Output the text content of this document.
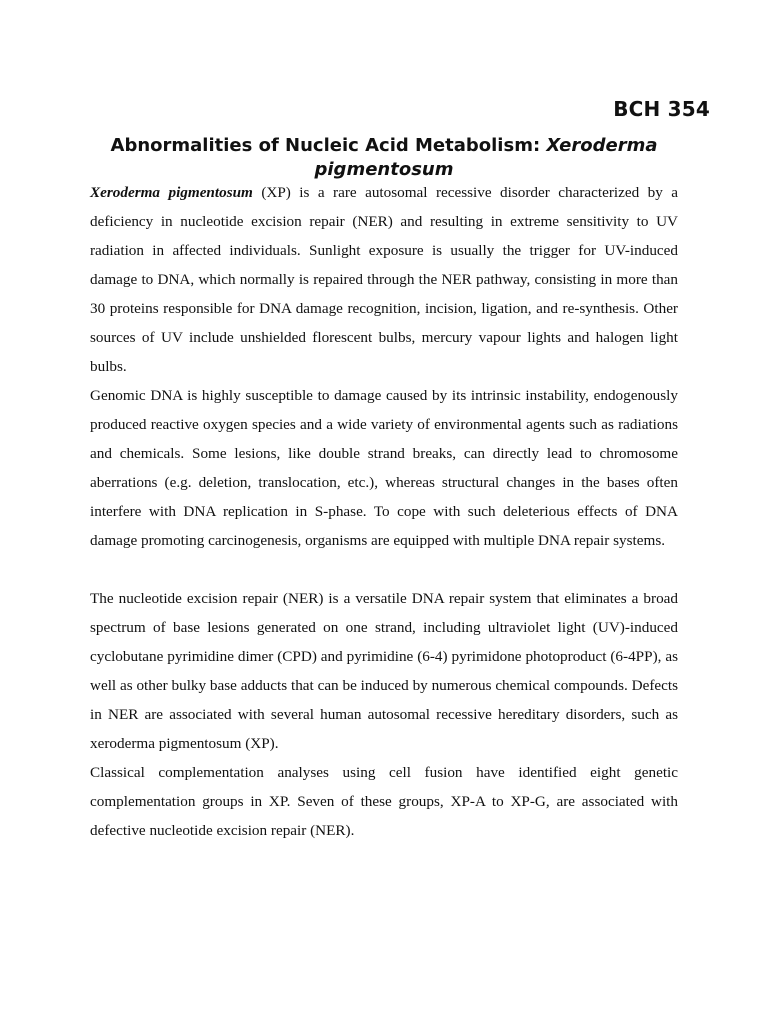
BCH 354
Abnormalities of Nucleic Acid Metabolism: Xeroderma pigmentosum

Xeroderma pigmentosum (XP) is a rare autosomal recessive disorder characterized by a deficiency in nucleotide excision repair (NER) and resulting in extreme sensitivity to UV radiation in affected individuals. Sunlight exposure is usually the trigger for UV-induced damage to DNA, which normally is repaired through the NER pathway, consisting in more than 30 proteins responsible for DNA damage recognition, incision, ligation, and re-synthesis. Other sources of UV include unshielded florescent bulbs, mercury vapour lights and halogen light bulbs.

Genomic DNA is highly susceptible to damage caused by its intrinsic instability, endogenously produced reactive oxygen species and a wide variety of environmental agents such as radiations and chemicals. Some lesions, like double strand breaks, can directly lead to chromosome aberrations (e.g. deletion, translocation, etc.), whereas structural changes in the bases often interfere with DNA replication in S-phase. To cope with such deleterious effects of DNA damage promoting carcinogenesis, organisms are equipped with multiple DNA repair systems.

The nucleotide excision repair (NER) is a versatile DNA repair system that eliminates a broad spectrum of base lesions generated on one strand, including ultraviolet light (UV)-induced cyclobutane pyrimidine dimer (CPD) and pyrimidine (6-4) pyrimidone photoproduct (6-4PP), as well as other bulky base adducts that can be induced by numerous chemical compounds. Defects in NER are associated with several human autosomal recessive hereditary disorders, such as xeroderma pigmentosum (XP).

Classical complementation analyses using cell fusion have identified eight genetic complementation groups in XP. Seven of these groups, XP-A to XP-G, are associated with defective nucleotide excision repair (NER).
